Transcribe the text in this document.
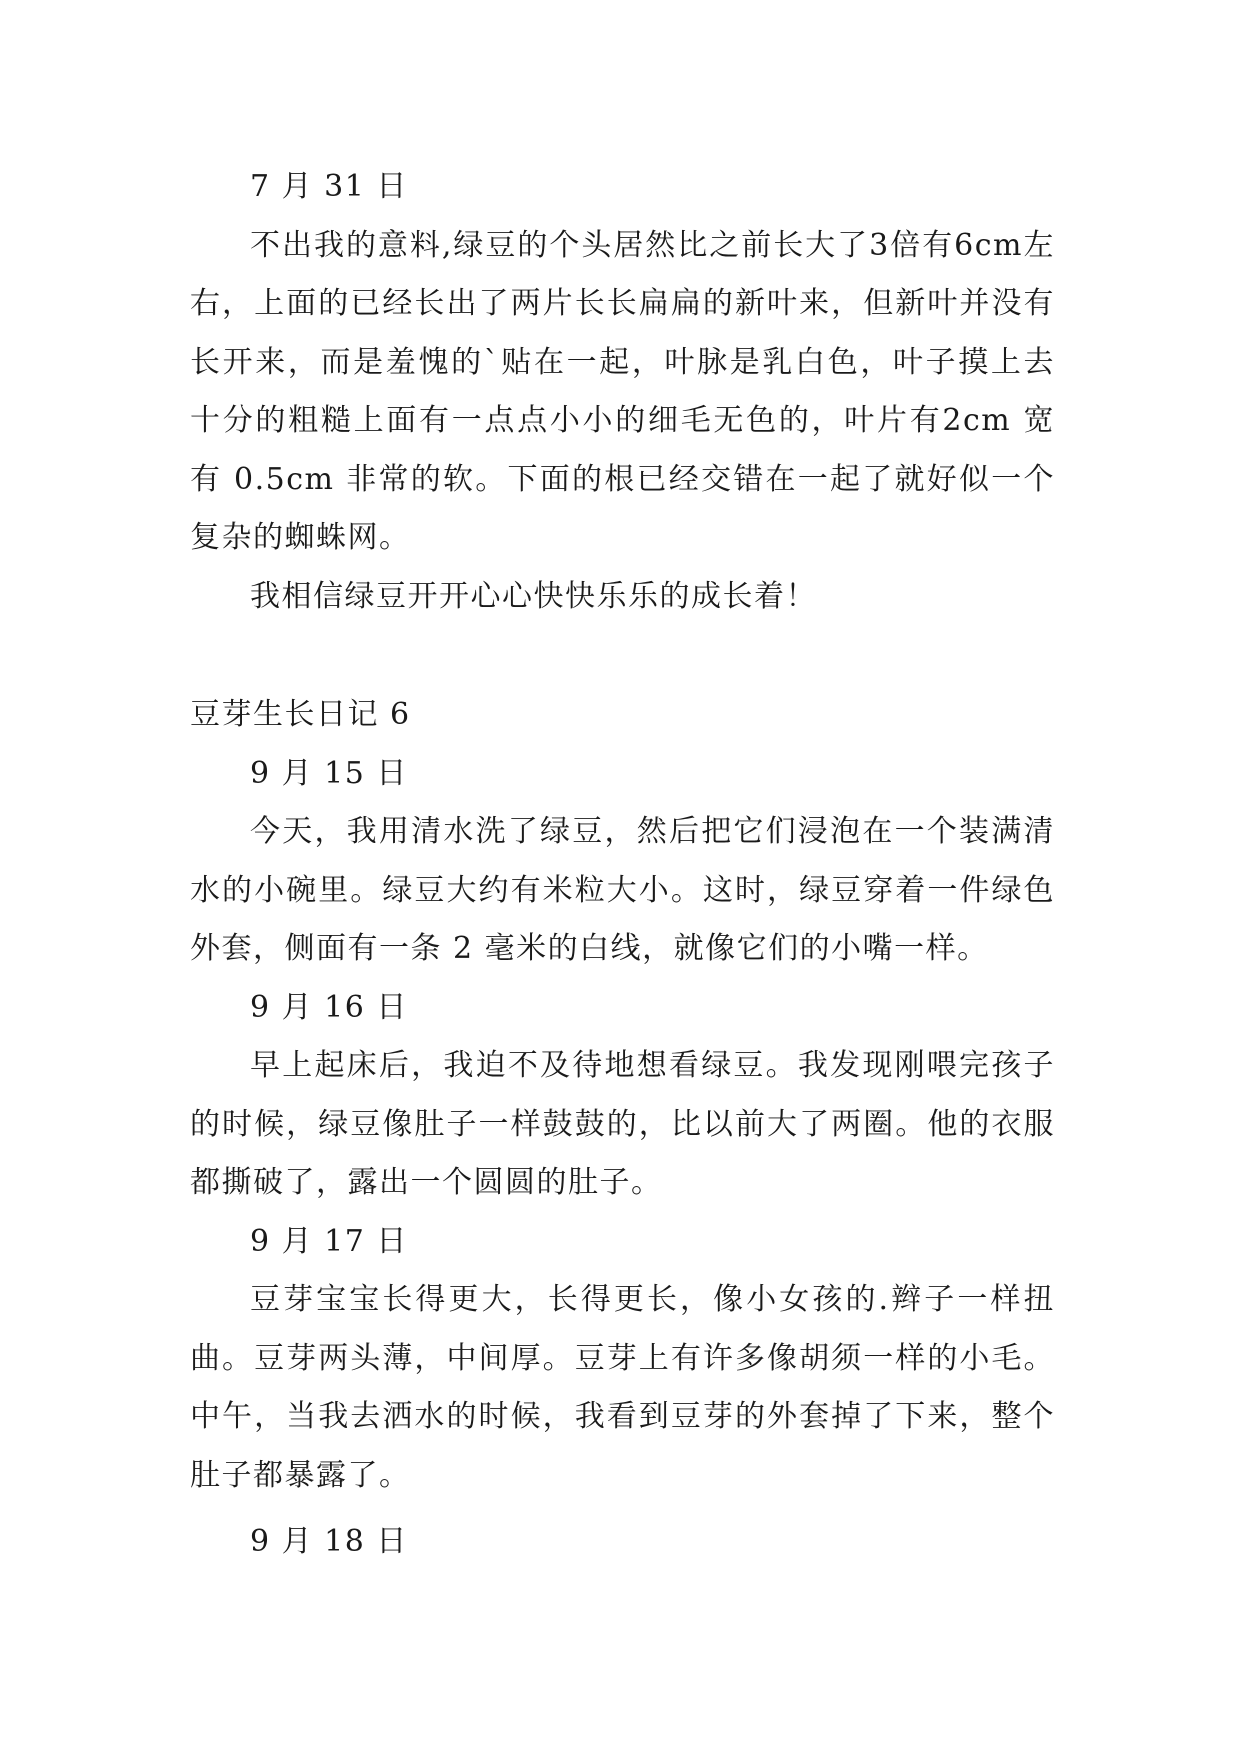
7 月 31 日

不出我的意料,绿豆的个头居然比之前长大了3倍有6cm左右，上面的已经长出了两片长长扁扁的新叶来，但新叶并没有长开来，而是羞愧的`贴在一起，叶脉是乳白色，叶子摸上去十分的粗糙上面有一点点小小的细毛无色的，叶片有2cm 宽有 0.5cm 非常的软。下面的根已经交错在一起了就好似一个复杂的蜘蛛网。

我相信绿豆开开心心快快乐乐的成长着！

豆芽生长日记 6
9 月 15 日

今天，我用清水洗了绿豆，然后把它们浸泡在一个装满清水的小碗里。绿豆大约有米粒大小。这时，绿豆穿着一件绿色外套，侧面有一条 2 毫米的白线，就像它们的小嘴一样。

9 月 16 日

早上起床后，我迫不及待地想看绿豆。我发现刚喂完孩子的时候，绿豆像肚子一样鼓鼓的，比以前大了两圈。他的衣服都撕破了，露出一个圆圆的肚子。

9 月 17 日

豆芽宝宝长得更大，长得更长，像小女孩的.辫子一样扭曲。豆芽两头薄，中间厚。豆芽上有许多像胡须一样的小毛。中午，当我去洒水的时候，我看到豆芽的外套掉了下来，整个肚子都暴露了。

9 月 18 日
